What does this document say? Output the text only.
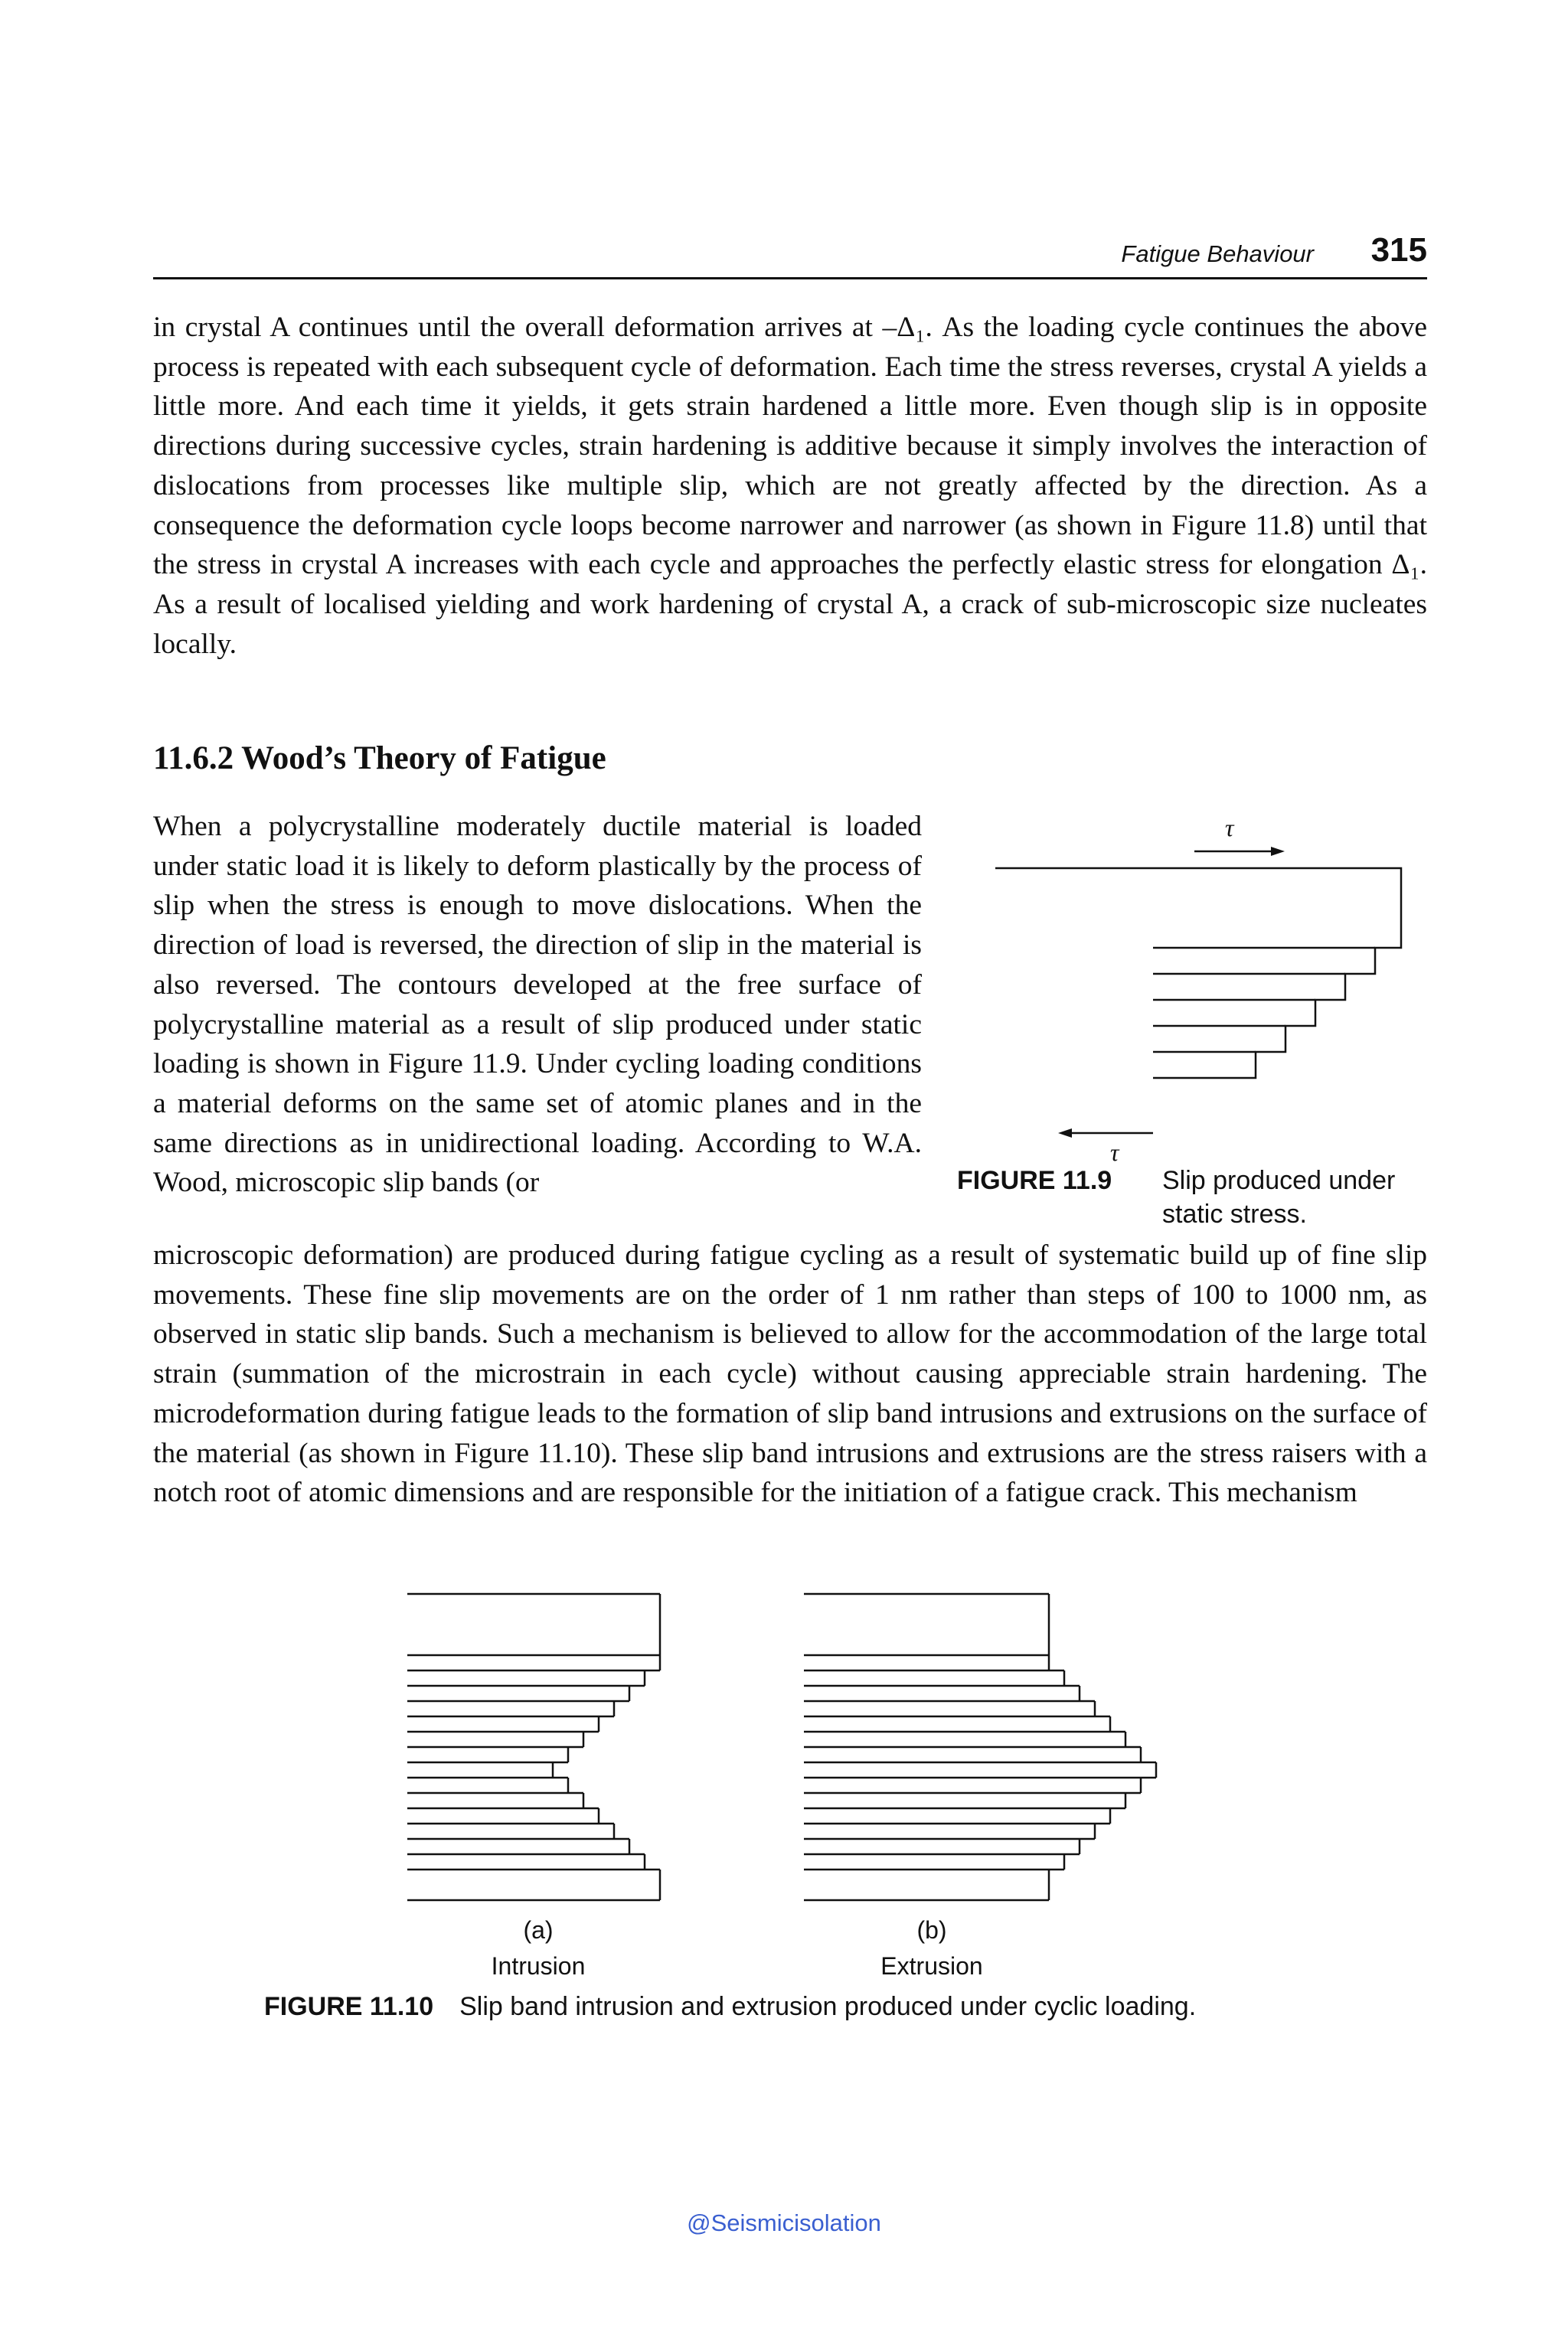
Fatigue Behaviour 315

in crystal A continues until the overall deformation arrives at –Δ₁. As the loading cycle continues the above process is repeated with each subsequent cycle of deformation. Each time the stress reverses, crystal A yields a little more. And each time it yields, it gets strain hardened a little more. Even though slip is in opposite directions during successive cycles, strain hardening is additive because it simply involves the interaction of dislocations from processes like multiple slip, which are not greatly affected by the direction. As a consequence the deformation cycle loops become narrower and narrower (as shown in Figure 11.8) until that the stress in crystal A increases with each cycle and approaches the perfectly elastic stress for elongation Δ₁. As a result of localised yielding and work hardening of crystal A, a crack of sub-microscopic size nucleates locally.

11.6.2 Wood’s Theory of Fatigue

When a polycrystalline moderately ductile material is loaded under static load it is likely to deform plastically by the process of slip when the stress is enough to move dislocations. When the direction of load is reversed, the direction of slip in the material is also reversed. The contours developed at the free surface of polycrystalline material as a result of slip produced under static loading is shown in Figure 11.9. Under cycling loading conditions a material deforms on the same set of atomic planes and in the same directions as in unidirectional loading. According to W.A. Wood, microscopic slip bands (or

τ
τ
FIGURE 11.9 Slip produced under static stress.

microscopic deformation) are produced during fatigue cycling as a result of systematic build up of fine slip movements. These fine slip movements are on the order of 1 nm rather than steps of 100 to 1000 nm, as observed in static slip bands. Such a mechanism is believed to allow for the accommodation of the large total strain (summation of the microstrain in each cycle) without causing appreciable strain hardening. The microdeformation during fatigue leads to the formation of slip band intrusions and extrusions on the surface of the material (as shown in Figure 11.10). These slip band intrusions and extrusions are the stress raisers with a notch root of atomic dimensions and are responsible for the initiation of a fatigue crack. This mechanism

(a)
Intrusion
(b)
Extrusion
FIGURE 11.10 Slip band intrusion and extrusion produced under cyclic loading.
@Seismicisolation
